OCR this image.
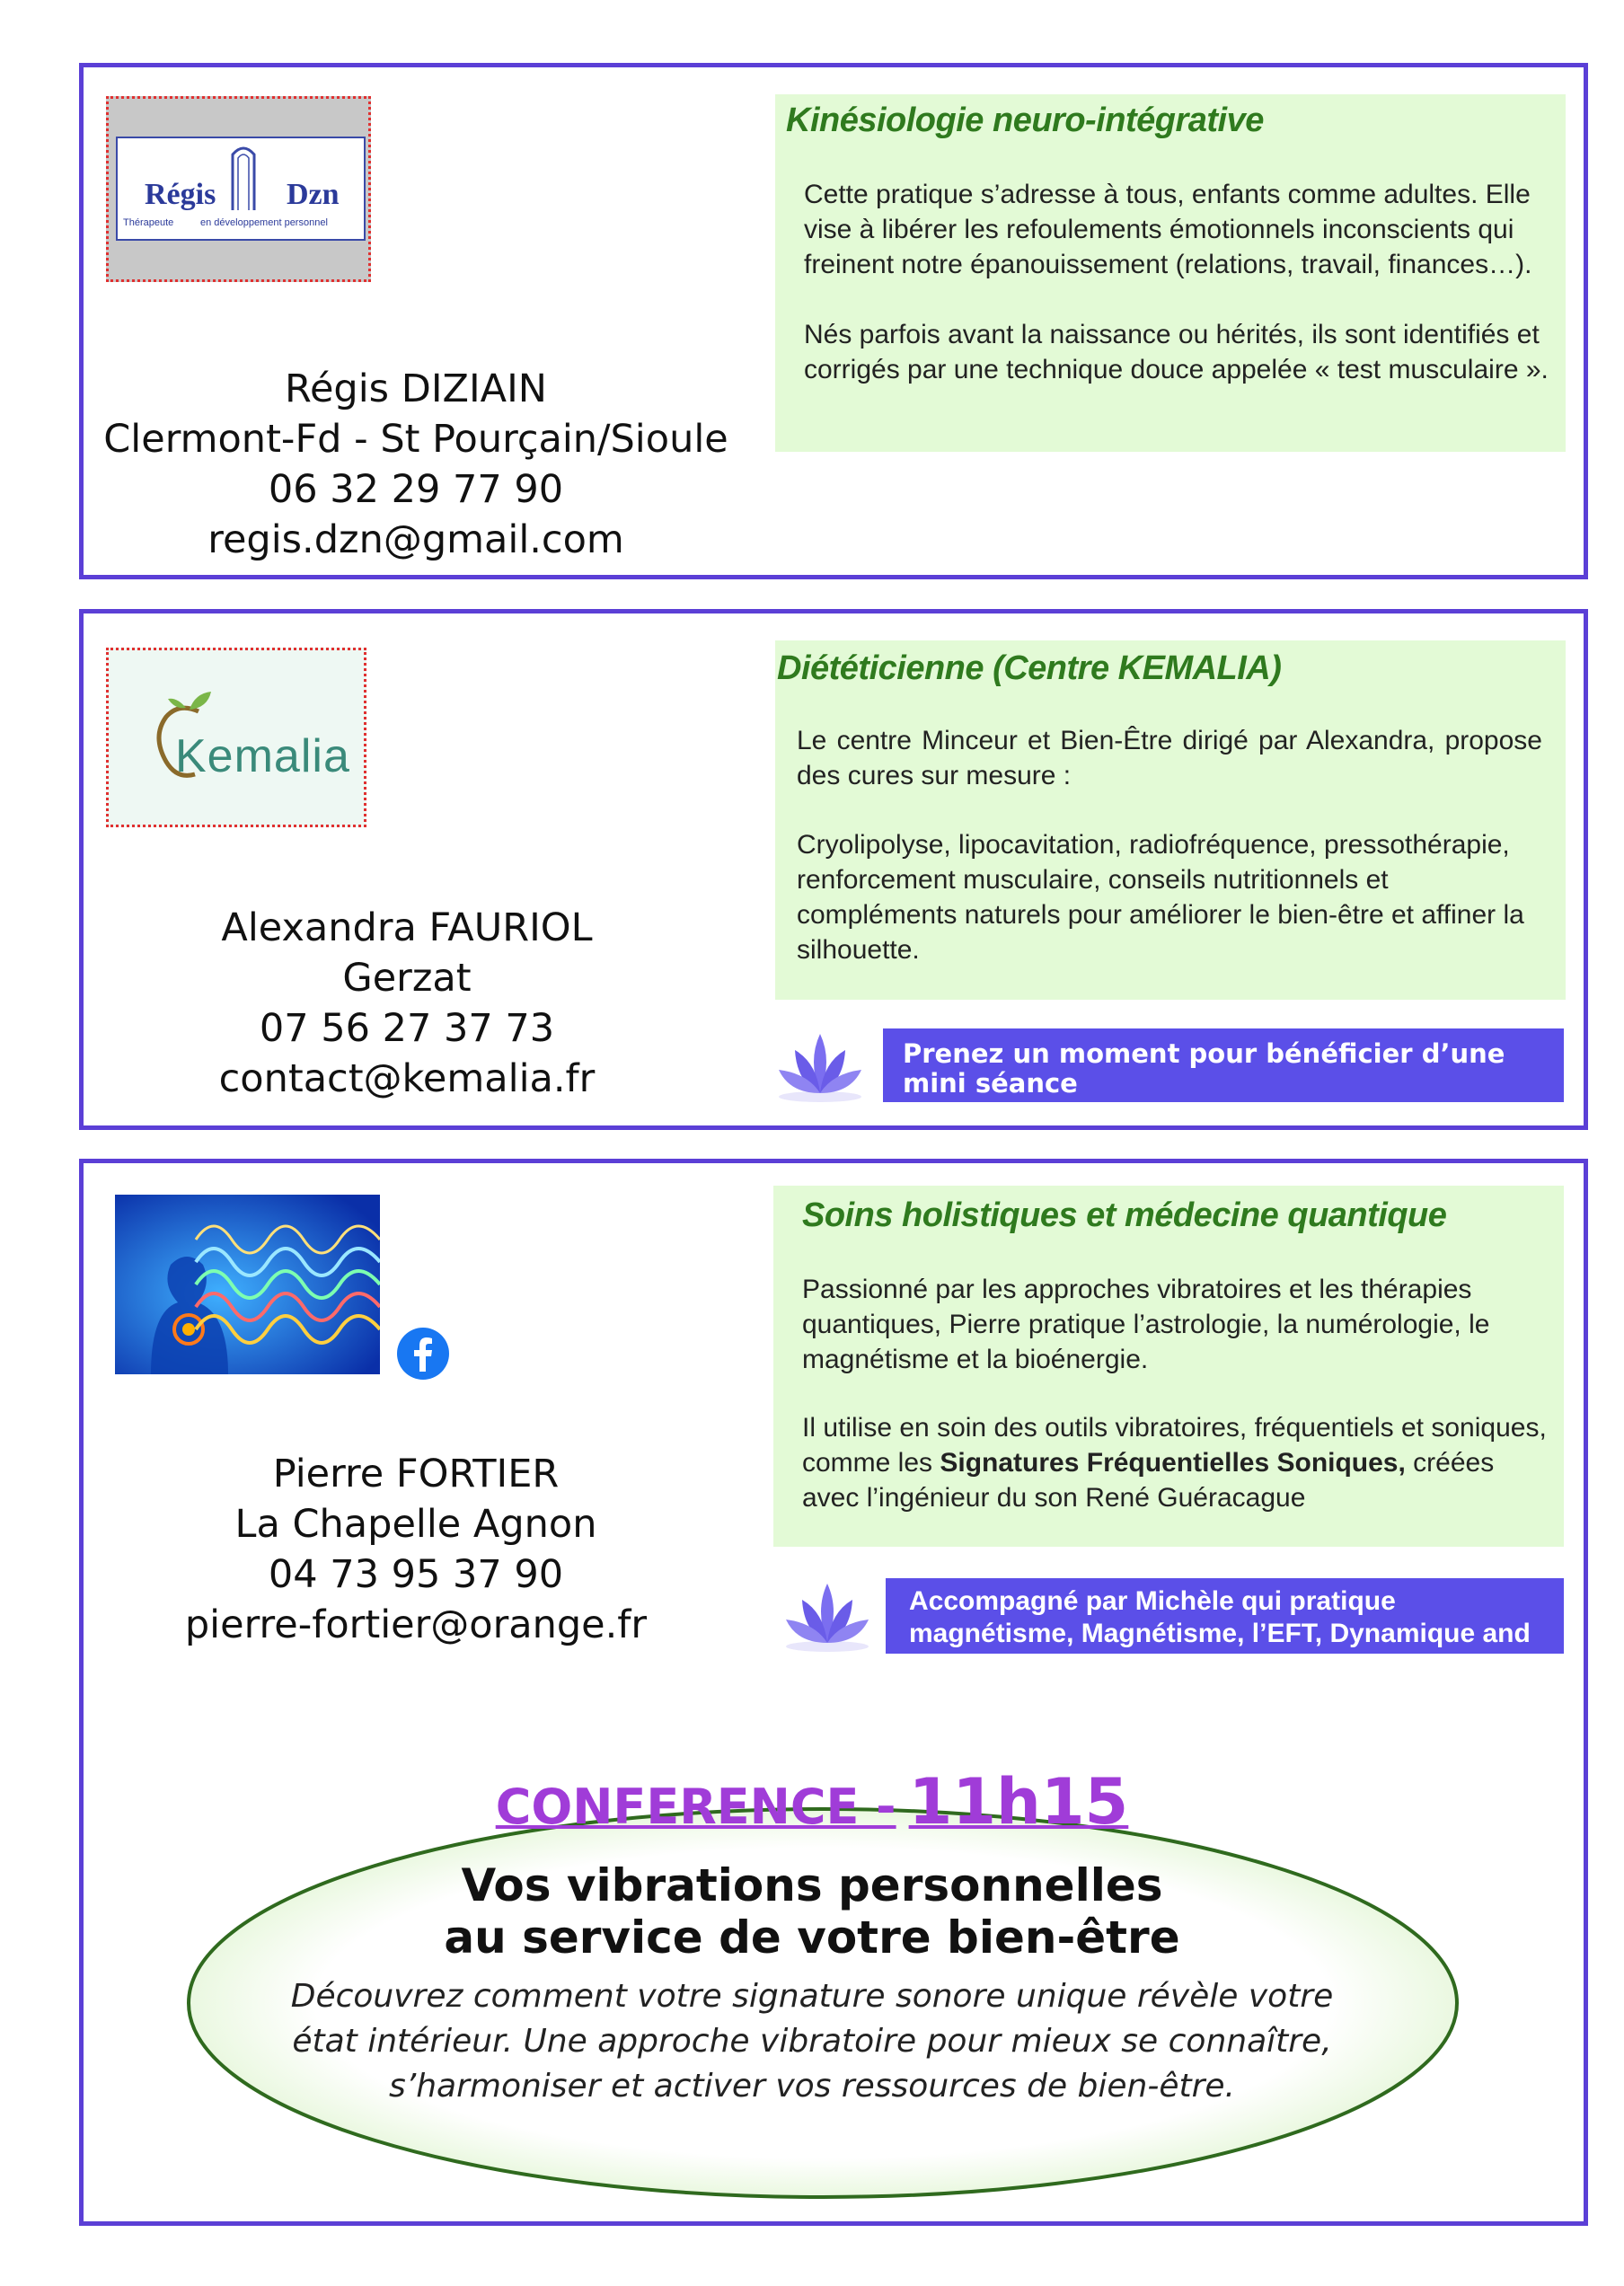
Régis Dzn
Thérapeute	en développement personnel
Régis DIZIAIN
Clermont-Fd - St Pourçain/Sioule
06 32 29 77 90
regis.dzn@gmail.com
Kinésiologie neuro-intégrative

Cette pratique s’adresse à tous, enfants comme adultes. Elle vise à libérer les refoulements émotionnels inconscients qui freinent notre épanouissement (relations, travail, finances…).

Nés parfois avant la naissance ou hérités, ils sont identifiés et corrigés par une technique douce appelée « test musculaire ».

Kemalia
Alexandra FAURIOL
Gerzat
07 56 27 37 73
contact@kemalia.fr
Diététicienne (Centre KEMALIA)

Le centre Minceur et Bien-Être dirigé par Alexandra, propose des cures sur mesure :

Cryolipolyse, lipocavitation, radiofréquence, pressothérapie, renforcement musculaire, conseils nutritionnels et compléments naturels pour améliorer le bien-être et affiner la silhouette.

Prenez un moment pour bénéficier d’une mini séance
Pierre FORTIER
La Chapelle Agnon
04 73 95 37 90
pierre-fortier@orange.fr
Soins holistiques et médecine quantique

Passionné par les approches vibratoires et les thérapies quantiques, Pierre pratique l’astrologie, la numérologie, le magnétisme et la bioénergie.

Il utilise en soin des outils vibratoires, fréquentiels et soniques, comme les Signatures Fréquentielles Soniques, créées avec l’ingénieur du son René Guéracague

Accompagné par Michèle qui pratique magnétisme, Magnétisme, l’EFT, Dynamique and co.
CONFERENCE - 11h15
Vos vibrations personnelles
au service de votre bien-être
Découvrez comment votre signature sonore unique révèle votre
état intérieur. Une approche vibratoire pour mieux se connaître,
s’harmoniser et activer vos ressources de bien-être.
